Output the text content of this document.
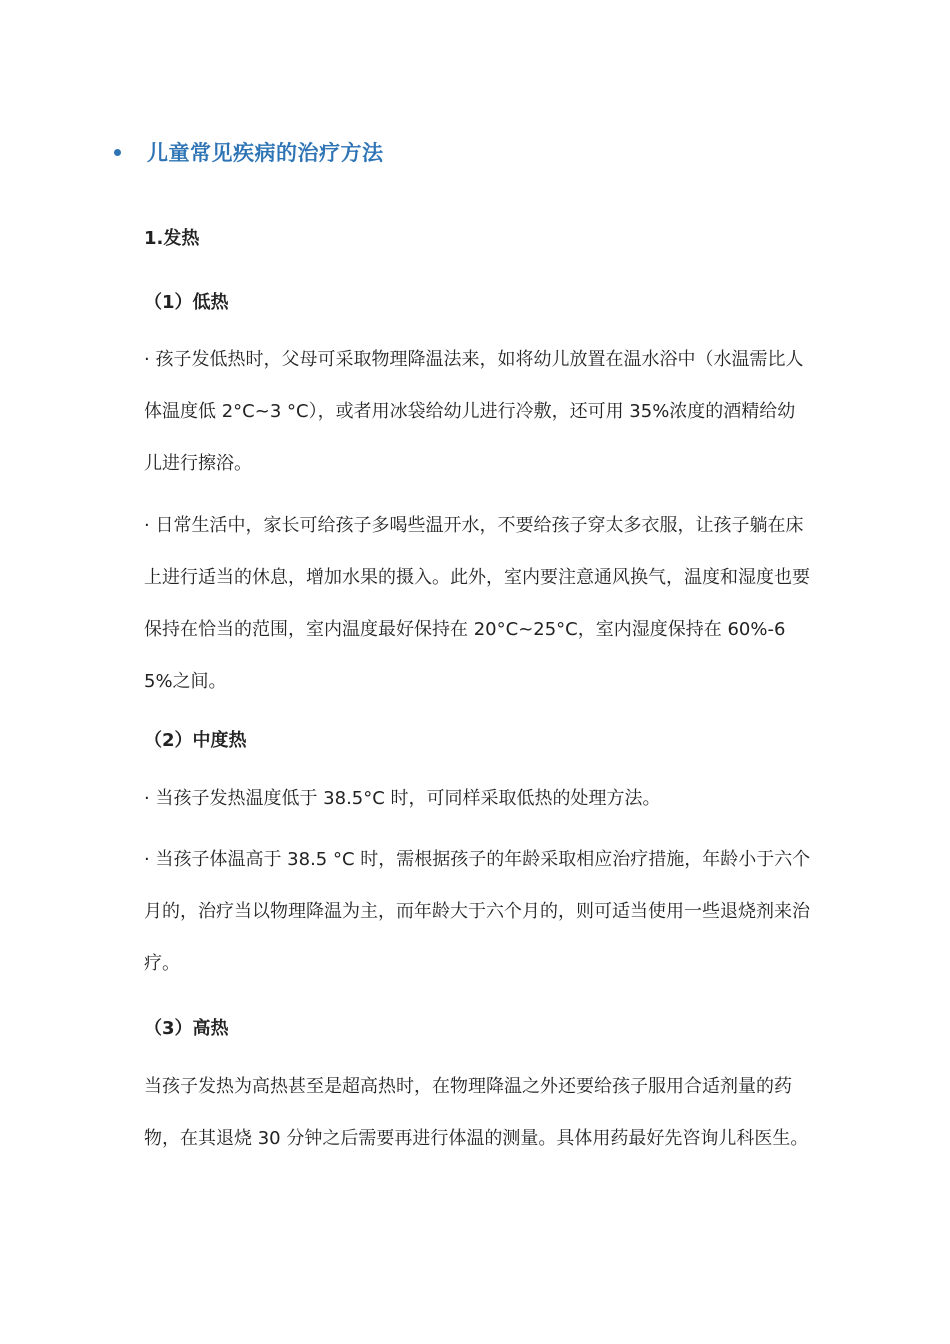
儿童常见疾病的治疗方法
1.发热
（1）低热
· 孩子发低热时，父母可采取物理降温法来，如将幼儿放置在温水浴中（水温需比人体温度低 2°C~3 °C），或者用冰袋给幼儿进行冷敷，还可用 35%浓度的酒精给幼儿进行擦浴。
· 日常生活中，家长可给孩子多喝些温开水，不要给孩子穿太多衣服，让孩子躺在床上进行适当的休息，增加水果的摄入。此外，室内要注意通风换气，温度和湿度也要保持在恰当的范围，室内温度最好保持在 20°C~25°C，室内湿度保持在 60%-65%之间。
（2）中度热
· 当孩子发热温度低于 38.5°C 时，可同样采取低热的处理方法。
· 当孩子体温高于 38.5 °C 时，需根据孩子的年龄采取相应治疗措施，年龄小于六个月的，治疗当以物理降温为主，而年龄大于六个月的，则可适当使用一些退烧剂来治疗。
（3）高热
当孩子发热为高热甚至是超高热时，在物理降温之外还要给孩子服用合适剂量的药物，在其退烧 30 分钟之后需要再进行体温的测量。具体用药最好先咨询儿科医生。
